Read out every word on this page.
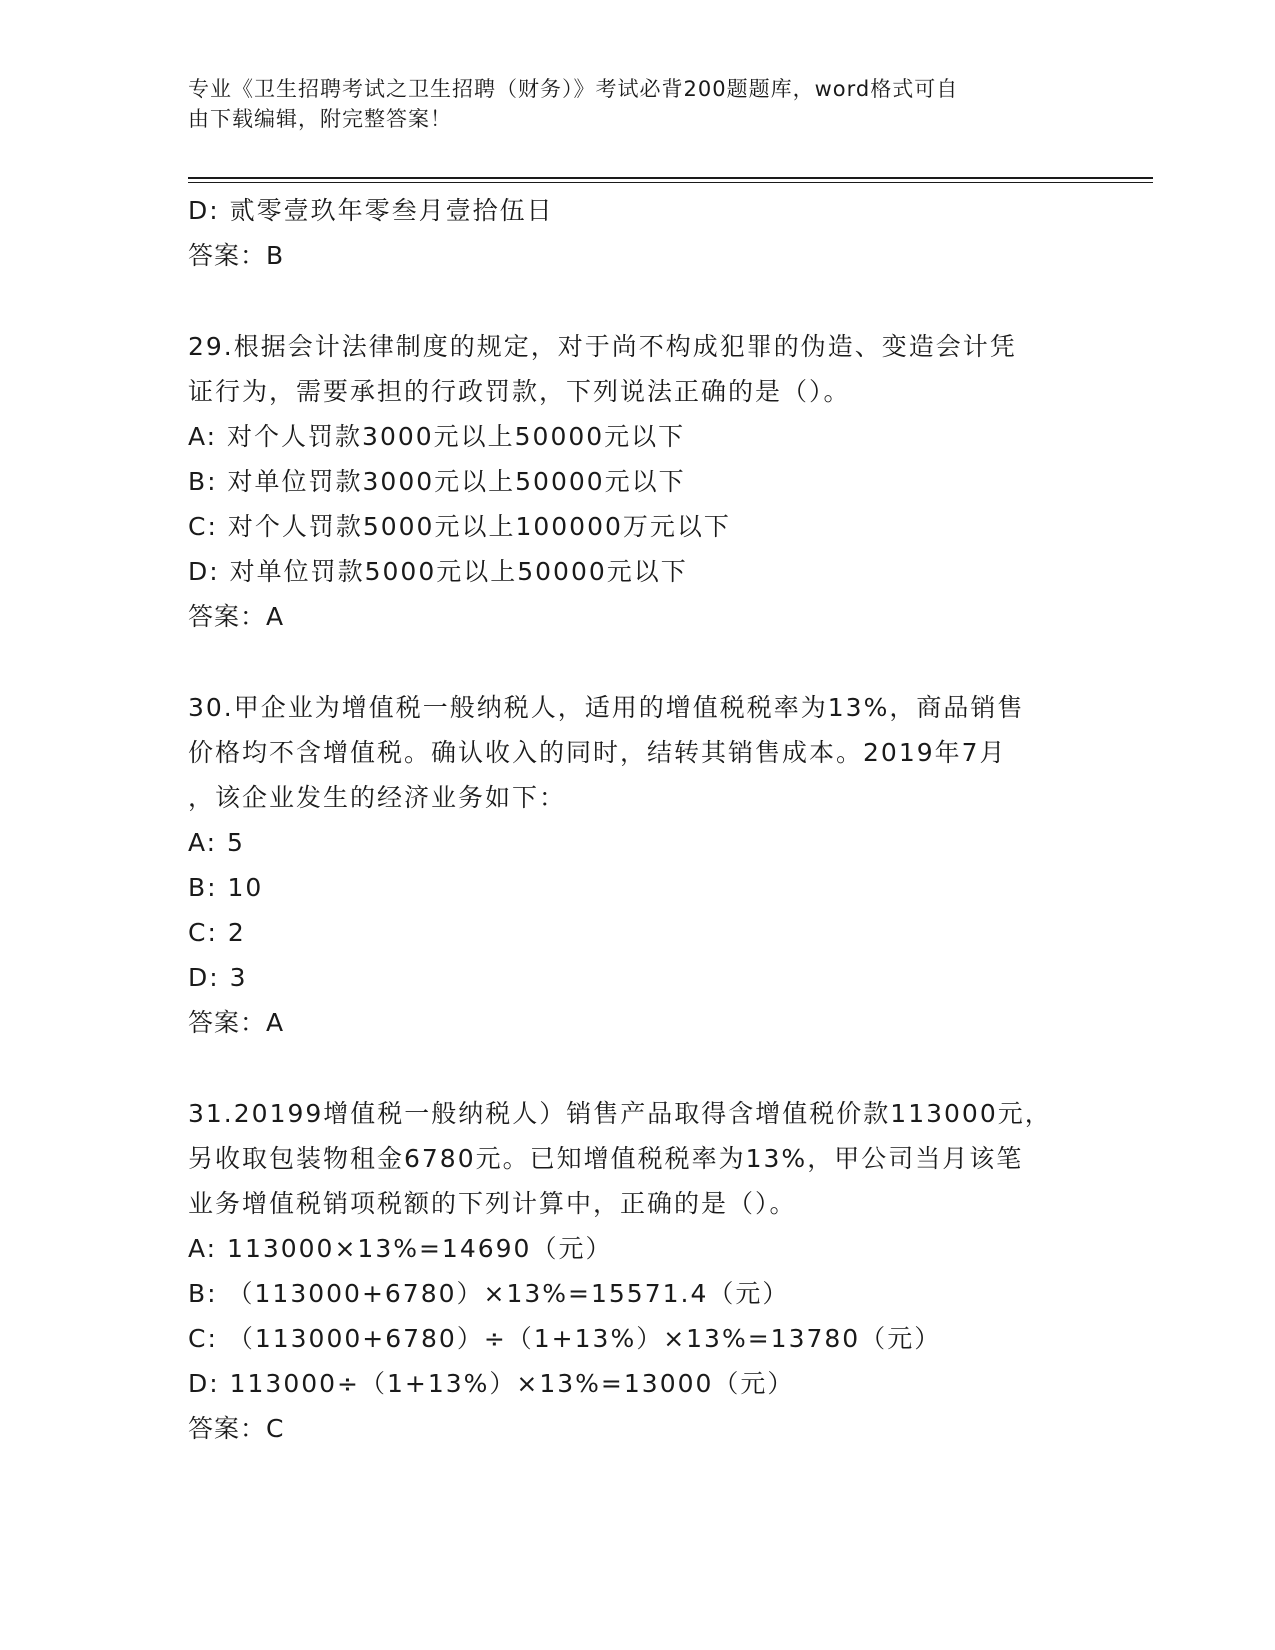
专业《卫生招聘考试之卫生招聘（财务）》考试必背200题题库，word格式可自
由下载编辑，附完整答案！
D: 贰零壹玖年零叁月壹拾伍日
答案：B
29.根据会计法律制度的规定，对于尚不构成犯罪的伪造、变造会计凭
证行为，需要承担的行政罚款，下列说法正确的是（）。
A: 对个人罚款3000元以上50000元以下
B: 对单位罚款3000元以上50000元以下
C: 对个人罚款5000元以上100000万元以下
D: 对单位罚款5000元以上50000元以下
答案：A
30.甲企业为增值税一般纳税人，适用的增值税税率为13%，商品销售
价格均不含增值税。确认收入的同时，结转其销售成本。2019年7月
，该企业发生的经济业务如下：
A: 5
B: 10
C: 2
D: 3
答案：A
31.20199增值税一般纳税人）销售产品取得含增值税价款113000元，
另收取包装物租金6780元。已知增值税税率为13%，甲公司当月该笔
业务增值税销项税额的下列计算中，正确的是（）。
A: 113000×13%=14690（元）
B: （113000+6780）×13%=15571.4（元）
C: （113000+6780）÷（1+13%）×13%=13780（元）
D: 113000÷（1+13%）×13%=13000（元）
答案：C
